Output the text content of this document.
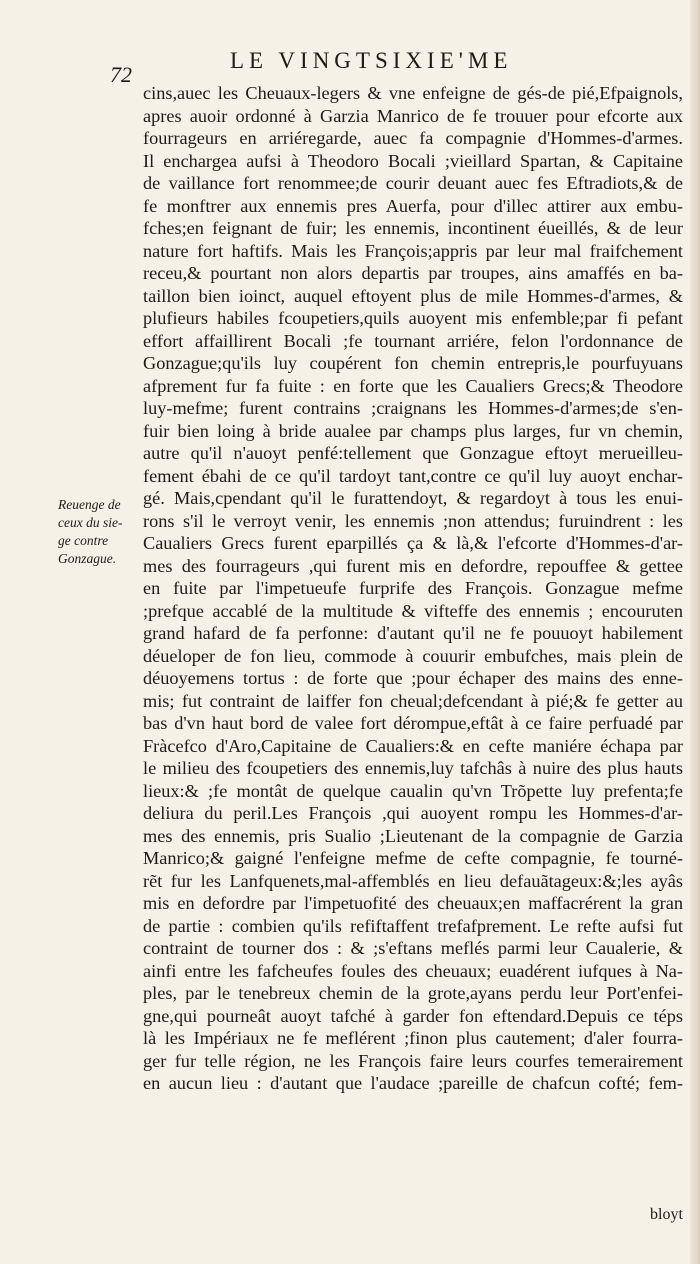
72

LE VINGTSIXIE'ME

Reuenge de
ceux du sie-
ge contre
Gonzague.
cins,auec les Cheuaux-legers & vne enfeigne de gés-de pié,Efpaignols,
apres auoir ordonné à Garzia Manrico de fe trouuer pour efcorte aux
fourrageurs en arriéregarde, auec fa compagnie d'Hommes-d'armes.
Il enchargea aufsi à Theodoro Bocali ;vieillard Spartan, & Capitaine
de vaillance fort renommee;de courir deuant auec fes Eftradiots,& de
fe monftrer aux ennemis pres Auerfa, pour d'illec attirer aux embu-
fches;en feignant de fuir; les ennemis, incontinent éueillés, & de leur
nature fort haftifs. Mais les François;appris par leur mal fraifchement
receu,& pourtant non alors departis par troupes, ains amaffés en ba-
taillon bien ioinct, auquel eftoyent plus de mile Hommes-d'armes, &
plufieurs habiles fcoupetiers,quils auoyent mis enfemble;par fi pefant
effort affaillirent Bocali ;fe tournant arriére, felon l'ordonnance de
Gonzague;qu'ils luy coupérent fon chemin entrepris,le pourfuyuans
afprement fur fa fuite : en forte que les Caualiers Grecs;& Theodore
luy-mefme; furent contrains ;craignans les Hommes-d'armes;de s'en-
fuir bien loing à bride aualee par champs plus larges, fur vn chemin,
autre qu'il n'auoyt penfé:tellement que Gonzague eftoyt merueilleu-
fement ébahi de ce qu'il tardoyt tant,contre ce qu'il luy auoyt enchar-
gé. Mais,cpendant qu'il le furattendoyt, & regardoyt à tous les enui-
rons s'il le verroyt venir, les ennemis ;non attendus; furuindrent : les
Caualiers Grecs furent eparpillés ça & là,& l'efcorte d'Hommes-d'ar-
mes des fourrageurs ,qui furent mis en defordre, repouffee & gettee
en fuite par l'impetueufe furprife des François. Gonzague mefme
;prefque accablé de la multitude & vifteffe des ennemis ; encouruten
grand hafard de fa perfonne: d'autant qu'il ne fe pouuoyt habilement
déueloper de fon lieu, commode à couurir embufches, mais plein de
déuoyemens tortus : de forte que ;pour échaper des mains des enne-
mis; fut contraint de laiffer fon cheual;defcendant à pié;& fe getter au
bas d'vn haut bord de valee fort dérompue,eftât à ce faire perfuadé par
Fràcefco d'Aro,Capitaine de Caualiers:& en cefte maniére échapa par
le milieu des fcoupetiers des ennemis,luy tafchâs à nuire des plus hauts
lieux:& ;fe montât de quelque caualin qu'vn Trõpette luy prefenta;fe
deliura du peril.Les François ,qui auoyent rompu les Hommes-d'ar-
mes des ennemis, pris Sualio ;Lieutenant de la compagnie de Garzia
Manrico;& gaigné l'enfeigne mefme de cefte compagnie, fe tourné-
rẽt fur les Lanfquenets,mal-affemblés en lieu defauãtageux:&;les ayâs
mis en defordre par l'impetuofité des cheuaux;en maffacrérent la gran
de partie : combien qu'ils refiftaffent trefafprement. Le refte aufsi fut
contraint de tourner dos : & ;s'eftans meflés parmi leur Caualerie, &
ainfi entre les fafcheufes foules des cheuaux; euadérent iufques à Na-
ples, par le tenebreux chemin de la grote,ayans perdu leur Port'enfei-
gne,qui pourneât auoyt tafché à garder fon eftendard.Depuis ce téps
là les Impériaux ne fe meflérent ;finon plus cautement; d'aler fourra-
ger fur telle région, ne les François faire leurs courfes temerairement
en aucun lieu : d'autant que l'audace ;pareille de chafcun cofté; fem-

bloyt
